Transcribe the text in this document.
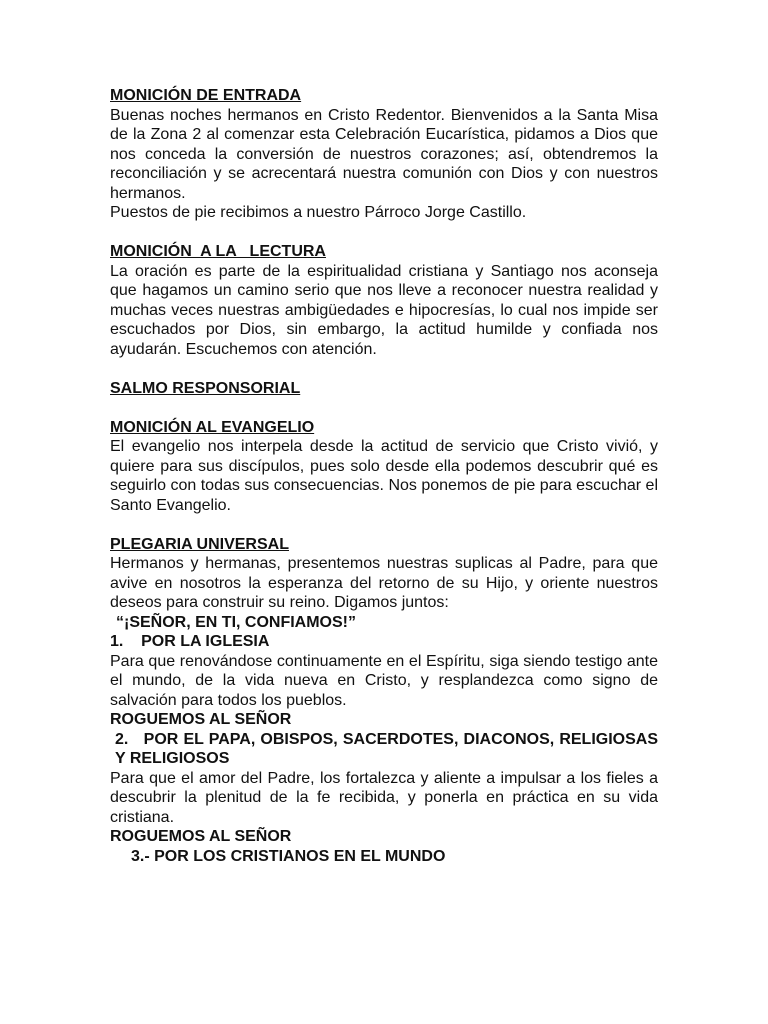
MONICIÓN DE ENTRADA

Buenas noches hermanos en Cristo Redentor. Bienvenidos a la Santa Misa de la Zona 2 al comenzar esta Celebración Eucarística, pidamos a Dios que nos conceda la conversión de nuestros corazones; así, obtendremos la reconciliación y se acrecentará nuestra comunión con Dios y con nuestros hermanos.

Puestos de pie recibimos a nuestro Párroco Jorge Castillo.

MONICIÓN  A LA   LECTURA

La oración es parte de la espiritualidad cristiana y Santiago nos aconseja que hagamos un camino serio que nos lleve a reconocer nuestra realidad y muchas veces nuestras ambigüedades e hipocresías, lo cual nos impide ser escuchados por Dios, sin embargo, la actitud humilde y confiada nos ayudarán. Escuchemos con atención.

SALMO RESPONSORIAL

MONICIÓN AL EVANGELIO

El evangelio nos interpela desde la actitud de servicio que Cristo vivió, y quiere para sus discípulos, pues solo desde ella podemos descubrir qué es seguirlo con todas sus consecuencias. Nos ponemos de pie para escuchar el Santo Evangelio.

PLEGARIA UNIVERSAL

Hermanos y hermanas, presentemos nuestras suplicas al Padre, para que avive en nosotros la esperanza del retorno de su Hijo, y oriente nuestros deseos para construir su reino. Digamos juntos:

“¡SEÑOR, EN TI, CONFIAMOS!”

1.    POR LA IGLESIA

Para que renovándose continuamente en el Espíritu, siga siendo testigo ante el mundo, de la vida nueva en Cristo, y resplandezca como signo de salvación para todos los pueblos.

ROGUEMOS AL SEÑOR

2.   POR EL PAPA, OBISPOS, SACERDOTES, DIACONOS, RELIGIOSAS Y RELIGIOSOS

Para que el amor del Padre, los fortalezca y aliente a impulsar a los fieles a descubrir la plenitud de la fe recibida, y ponerla en práctica en su vida cristiana.

ROGUEMOS AL SEÑOR

3.- POR LOS CRISTIANOS EN EL MUNDO
